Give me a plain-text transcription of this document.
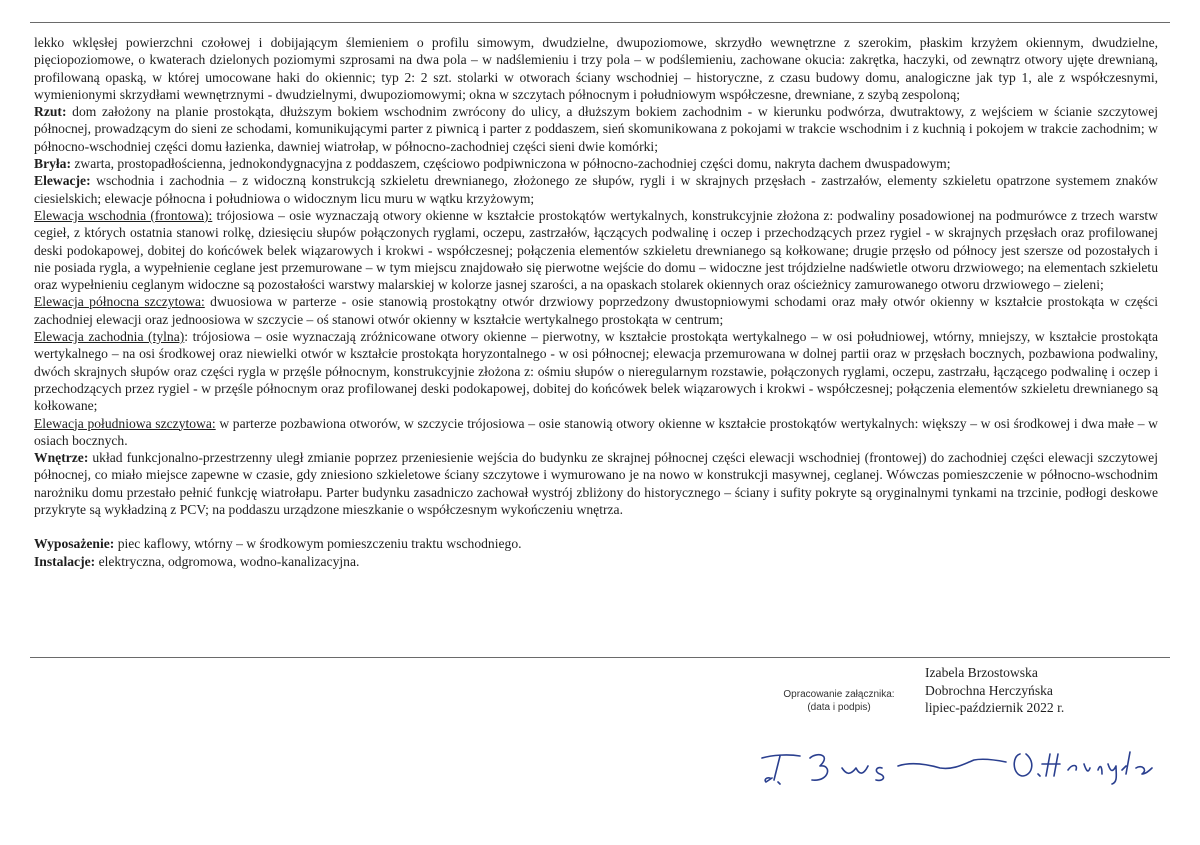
lekko wklęsłej powierzchni czołowej i dobijającym ślemieniem o profilu simowym, dwudzielne, dwupoziomowe, skrzydło wewnętrzne z szerokim, płaskim krzyżem okiennym, dwudzielne, pięciopoziomowe, o kwaterach dzielonych poziomymi szprosami na dwa pola – w nadślemieniu i trzy pola – w podślemieniu, zachowane okucia: zakrętka, haczyki, od zewnątrz otwory ujęte drewnianą, profilowaną opaską, w której umocowane haki do okiennic; typ 2: 2 szt. stolarki w otworach ściany wschodniej – historyczne, z czasu budowy domu, analogiczne jak typ 1, ale z współczesnymi, wymienionymi skrzydłami wewnętrznymi - dwudzielnymi, dwupoziomowymi; okna w szczytach północnym i południowym współczesne, drewniane, z szybą zespoloną;

Rzut: dom założony na planie prostokąta, dłuższym bokiem wschodnim zwrócony do ulicy, a dłuższym bokiem zachodnim - w kierunku podwórza, dwutraktowy, z wejściem w ścianie szczytowej północnej, prowadzącym do sieni ze schodami, komunikującymi parter z piwnicą i parter z poddaszem, sień skomunikowana z pokojami w trakcie wschodnim i z kuchnią i pokojem w trakcie zachodnim; w północno-wschodniej części domu łazienka, dawniej wiatrołap, w północno-zachodniej części sieni dwie komórki;

Bryła: zwarta, prostopadłościenna, jednokondygnacyjna z poddaszem, częściowo podpiwniczona w północno-zachodniej części domu, nakryta dachem dwuspadowym;

Elewacje: wschodnia i zachodnia – z widoczną konstrukcją szkieletu drewnianego, złożonego ze słupów, rygli i w skrajnych przęsłach - zastrzałów, elementy szkieletu opatrzone systemem znaków ciesielskich; elewacje północna i południowa o widocznym licu muru w wątku krzyżowym;

Elewacja wschodnia (frontowa): trójosiowa – osie wyznaczają otwory okienne w kształcie prostokątów wertykalnych, konstrukcyjnie złożona z: podwaliny posadowionej na podmurówce z trzech warstw cegieł, z których ostatnia stanowi rolkę, dziesięciu słupów połączonych ryglami, oczepu, zastrzałów, łączących podwalinę i oczep i przechodzących przez rygiel - w skrajnych przęsłach oraz profilowanej deski podokapowej, dobitej do końcówek belek wiązarowych i krokwi - współczesnej; połączenia elementów szkieletu drewnianego są kołkowane; drugie przęsło od północy jest szersze od pozostałych i nie posiada rygla, a wypełnienie ceglane jest przemurowane – w tym miejscu znajdowało się pierwotne wejście do domu – widoczne jest trójdzielne nadświetle otworu drzwiowego; na elementach szkieletu oraz wypełnieniu ceglanym widoczne są pozostałości warstwy malarskiej w kolorze jasnej szarości, a na opaskach stolarek okiennych oraz ościeżnicy zamurowanego otworu drzwiowego – zieleni;

Elewacja północna szczytowa: dwuosiowa w parterze - osie stanowią prostokątny otwór drzwiowy poprzedzony dwustopniowymi schodami oraz mały otwór okienny w kształcie prostokąta w części zachodniej elewacji oraz jednoosiowa w szczycie – oś stanowi otwór okienny w kształcie wertykalnego prostokąta w centrum;

Elewacja zachodnia (tylna): trójosiowa – osie wyznaczają zróżnicowane otwory okienne – pierwotny, w kształcie prostokąta wertykalnego – w osi południowej, wtórny, mniejszy, w kształcie prostokąta wertykalnego – na osi środkowej oraz niewielki otwór w kształcie prostokąta horyzontalnego - w osi północnej; elewacja przemurowana w dolnej partii oraz w przęsłach bocznych, pozbawiona podwaliny, dwóch skrajnych słupów oraz części rygla w przęśle północnym, konstrukcyjnie złożona z: ośmiu słupów o nieregularnym rozstawie, połączonych ryglami, oczepu, zastrzału, łączącego podwalinę i oczep i przechodzących przez rygiel - w przęśle północnym oraz profilowanej deski podokapowej, dobitej do końcówek belek wiązarowych i krokwi - współczesnej; połączenia elementów szkieletu drewnianego są kołkowane;

Elewacja południowa szczytowa: w parterze pozbawiona otworów, w szczycie trójosiowa – osie stanowią otwory okienne w kształcie prostokątów wertykalnych: większy – w osi środkowej i dwa małe – w osiach bocznych.

Wnętrze: układ funkcjonalno-przestrzenny uległ zmianie poprzez przeniesienie wejścia do budynku ze skrajnej północnej części elewacji wschodniej (frontowej) do zachodniej części elewacji szczytowej północnej, co miało miejsce zapewne w czasie, gdy zniesiono szkieletowe ściany szczytowe i wymurowano je na nowo w konstrukcji masywnej, ceglanej. Wówczas pomieszczenie w północno-wschodnim narożniku domu przestało pełnić funkcję wiatrołapu. Parter budynku zasadniczo zachował wystrój zbliżony do historycznego – ściany i sufity pokryte są oryginalnymi tynkami na trzcinie, podłogi deskowe przykryte są wykładziną z PCV; na poddaszu urządzone mieszkanie o współczesnym wykończeniu wnętrza.

Wyposażenie: piec kaflowy, wtórny – w środkowym pomieszczeniu traktu wschodniego.

Instalacje: elektryczna, odgromowa, wodno-kanalizacyjna.

Opracowanie załącznika:
(data i podpis)
Izabela Brzostowska
Dobrochna Herczyńska
lipiec-październik 2022 r.
